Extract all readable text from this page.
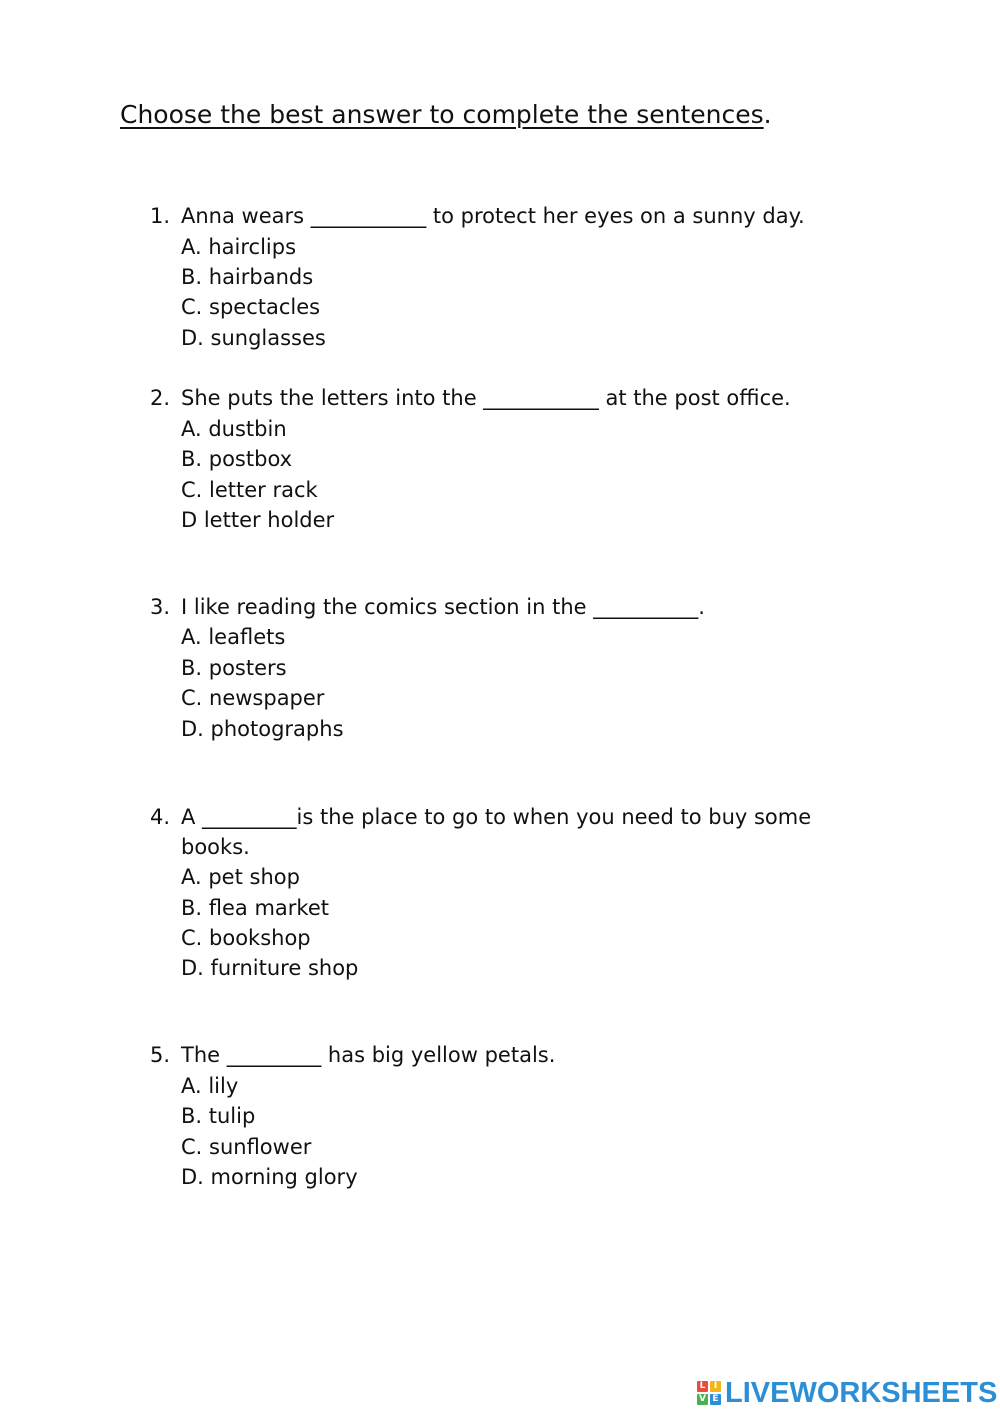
Choose the best answer to complete the sentences.
1. Anna wears ___________ to protect her eyes on a sunny day.
A. hairclips
B. hairbands
C. spectacles
D. sunglasses
2. She puts the letters into the ___________ at the post office.
A. dustbin
B. postbox
C. letter rack
D letter holder
3. I like reading the comics section in the __________.
A. leaflets
B. posters
C. newspaper
D. photographs
4. A _________is the place to go to when you need to buy some
books.
A. pet shop
B. flea market
C. bookshop
D. furniture shop
5. The _________ has big yellow petals.
A. lily
B. tulip
C. sunflower
D. morning glory
L I
V E LIVEWORKSHEETS
